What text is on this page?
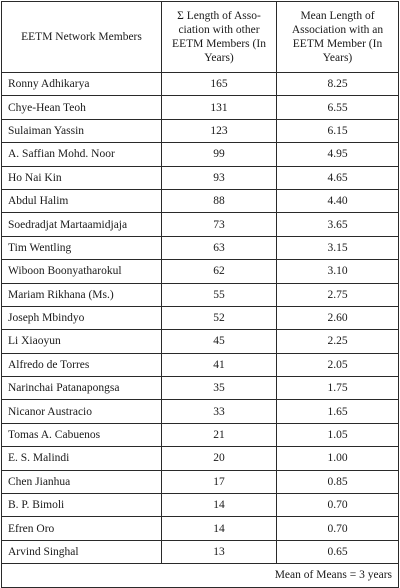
EETM Network Members	Σ Length of Asso-ciation with other EETM Members (In Years)	Mean Length of Association with an EETM Member (In Years)
Ronny Adhikarya	165	8.25
Chye-Hean Teoh	131	6.55
Sulaiman Yassin	123	6.15
A. Saffian Mohd. Noor	99	4.95
Ho Nai Kin	93	4.65
Abdul Halim	88	4.40
Soedradjat Martaamidjaja	73	3.65
Tim Wentling	63	3.15
Wiboon Boonyatharokul	62	3.10
Mariam Rikhana (Ms.)	55	2.75
Joseph Mbindyo	52	2.60
Li Xiaoyun	45	2.25
Alfredo de Torres	41	2.05
Narinchai Patanapongsa	35	1.75
Nicanor Austracio	33	1.65
Tomas A. Cabuenos	21	1.05
E. S. Malindi	20	1.00
Chen Jianhua	17	0.85
B. P. Bimoli	14	0.70
Efren Oro	14	0.70
Arvind Singhal	13	0.65
Mean of Means = 3 years		
